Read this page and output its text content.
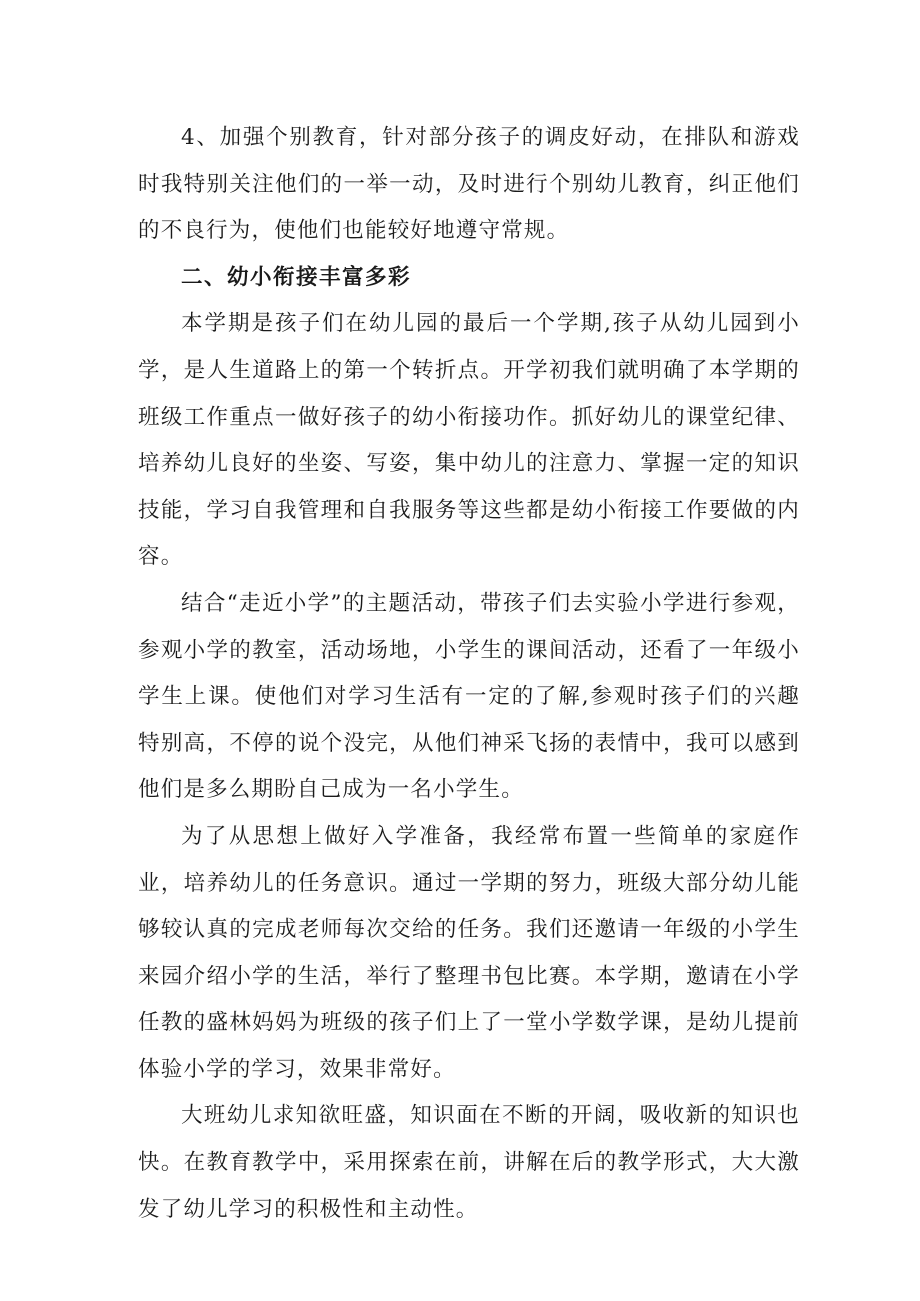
4、加强个别教育，针对部分孩子的调皮好动，在排队和游戏时我特别关注他们的一举一动，及时进行个别幼儿教育，纠正他们的不良行为，使他们也能较好地遵守常规。

二、幼小衔接丰富多彩

本学期是孩子们在幼儿园的最后一个学期,孩子从幼儿园到小学，是人生道路上的第一个转折点。开学初我们就明确了本学期的班级工作重点一做好孩子的幼小衔接功作。抓好幼儿的课堂纪律、培养幼儿良好的坐姿、写姿，集中幼儿的注意力、掌握一定的知识技能，学习自我管理和自我服务等这些都是幼小衔接工作要做的内容。

结合“走近小学”的主题活动，带孩子们去实验小学进行参观，参观小学的教室，活动场地，小学生的课间活动，还看了一年级小学生上课。使他们对学习生活有一定的了解,参观时孩子们的兴趣特别高，不停的说个没完，从他们神采飞扬的表情中，我可以感到他们是多么期盼自己成为一名小学生。

为了从思想上做好入学准备，我经常布置一些简单的家庭作业，培养幼儿的任务意识。通过一学期的努力，班级大部分幼儿能够较认真的完成老师每次交给的任务。我们还邀请一年级的小学生来园介绍小学的生活，举行了整理书包比赛。本学期，邀请在小学任教的盛林妈妈为班级的孩子们上了一堂小学数学课，是幼儿提前体验小学的学习，效果非常好。

大班幼儿求知欲旺盛，知识面在不断的开阔，吸收新的知识也快。在教育教学中，采用探索在前，讲解在后的教学形式，大大激发了幼儿学习的积极性和主动性。
